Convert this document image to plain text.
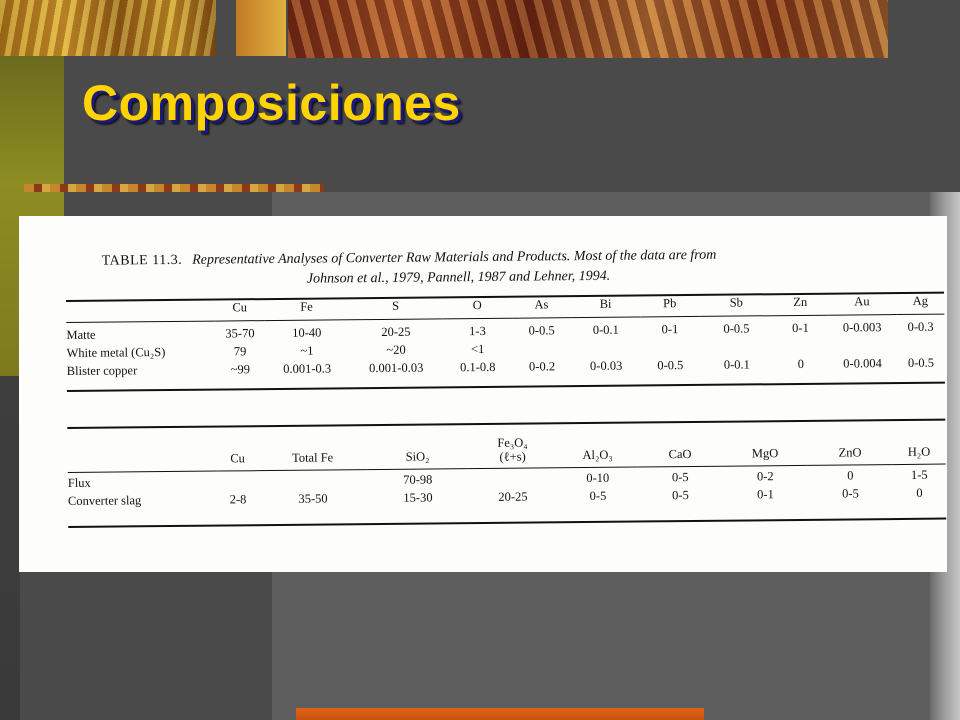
Composiciones
TABLE 11.3. Representative Analyses of Converter Raw Materials and Products. Most of the data are from
Johnson et al., 1979, Pannell, 1987 and Lehner, 1994.
	Cu	Fe	S	O	As	Bi	Pb	Sb	Zn	Au	Ag

Matte	35-70	10-40	20-25	1-3	0-0.5	0-0.1	0-1	0-0.5	0-1	0-0.003	0-0.3
White metal (Cu₂S)	79	~1	~20	<1							
Blister copper	~99	0.001-0.3	0.001-0.03	0.1-0.8	0-0.2	0-0.03	0-0.5	0-0.1	0	0-0.004	0-0.5
	Cu	Total Fe	SiO₂	Fe₃O₄
(ℓ+s)	Al₂O₃	CaO	MgO	ZnO	H₂O

Flux			70-98		0-10	0-5	0-2	0	1-5
Converter slag	2-8	35-50	15-30	20-25	0-5	0-5	0-1	0-5	0
